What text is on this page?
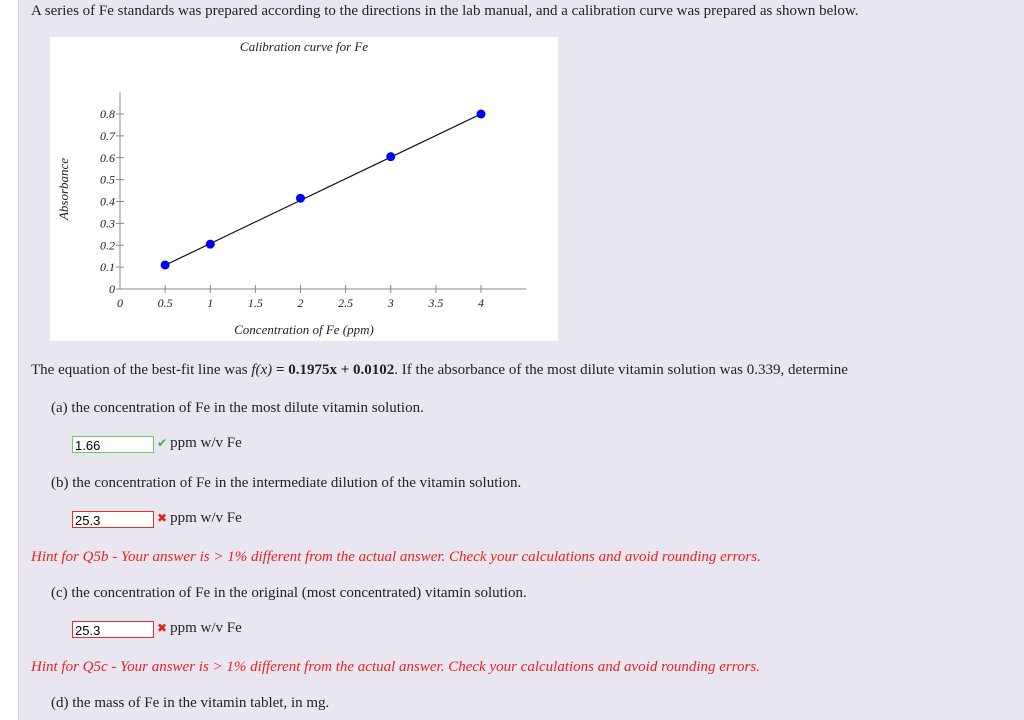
A series of Fe standards was prepared according to the directions in the lab manual, and a calibration curve was prepared as shown below.
Calibration curve for Fe
Concentration of Fe (ppm)
Absorbance
0	0.5	1	1.5	2	2.5	3	3.5	4
0
0.1
0.2
0.3
0.4
0.5
0.6
0.7
0.8
The equation of the best-fit line was f(x) = 0.1975x + 0.0102. If the absorbance of the most dilute vitamin solution was 0.339, determine
(a) the concentration of Fe in the most dilute vitamin solution.
1.66	✔ ppm w/v Fe
(b) the concentration of Fe in the intermediate dilution of the vitamin solution.
25.3	✖ ppm w/v Fe
Hint for Q5b - Your answer is > 1% different from the actual answer. Check your calculations and avoid rounding errors.
(c) the concentration of Fe in the original (most concentrated) vitamin solution.
25.3	✖ ppm w/v Fe
Hint for Q5c - Your answer is > 1% different from the actual answer. Check your calculations and avoid rounding errors.
(d) the mass of Fe in the vitamin tablet, in mg.
